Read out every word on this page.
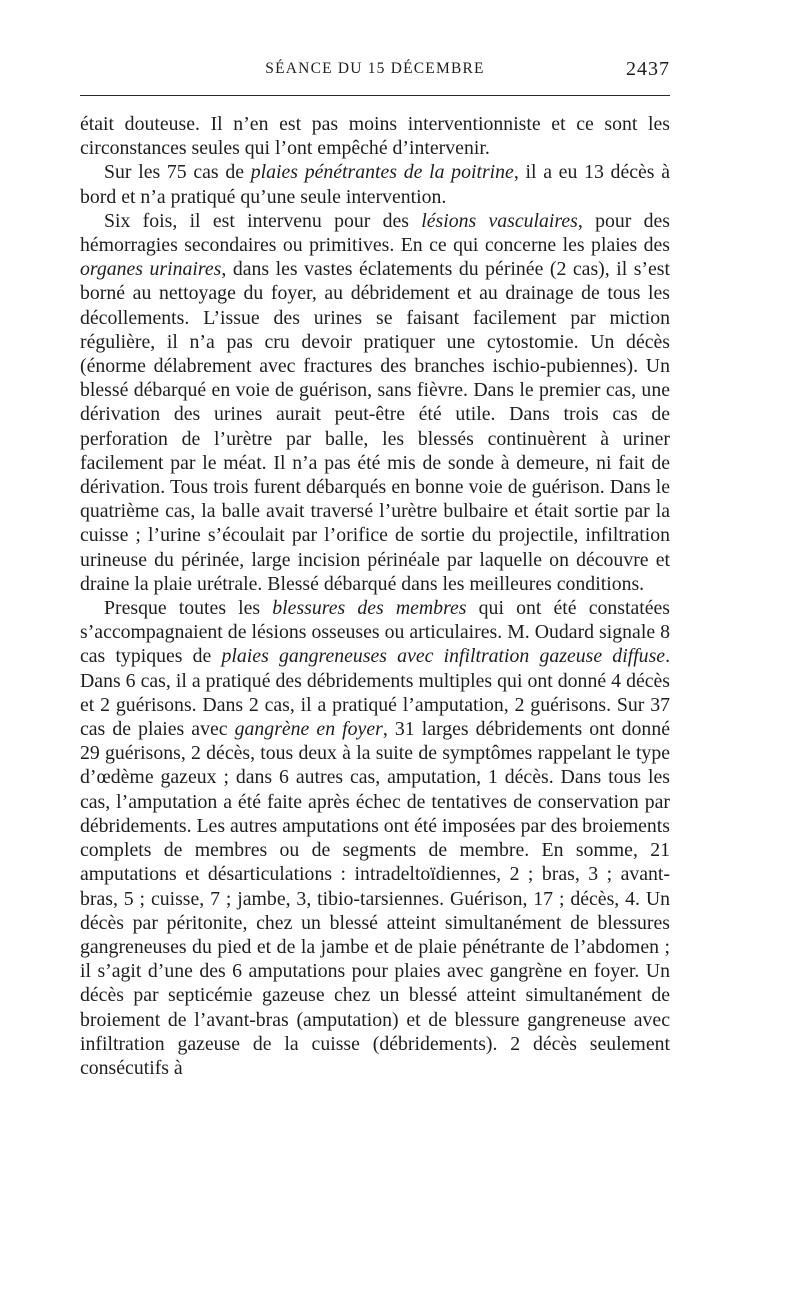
SÉANCE DU 15 DÉCEMBRE	2437

était douteuse. Il n’en est pas moins interventionniste et ce sont les circonstances seules qui l’ont empêché d’intervenir.

Sur les 75 cas de plaies pénétrantes de la poitrine, il a eu 13 décès à bord et n’a pratiqué qu’une seule intervention.

Six fois, il est intervenu pour des lésions vasculaires, pour des hémorragies secondaires ou primitives. En ce qui concerne les plaies des organes urinaires, dans les vastes éclatements du périnée (2 cas), il s’est borné au nettoyage du foyer, au débridement et au drainage de tous les décollements. L’issue des urines se faisant facilement par miction régulière, il n’a pas cru devoir pratiquer une cytostomie. Un décès (énorme délabrement avec fractures des branches ischio-pubiennes). Un blessé débarqué en voie de guérison, sans fièvre. Dans le premier cas, une dérivation des urines aurait peut-être été utile. Dans trois cas de perforation de l’urètre par balle, les blessés continuèrent à uriner facilement par le méat. Il n’a pas été mis de sonde à demeure, ni fait de dérivation. Tous trois furent débarqués en bonne voie de guérison. Dans le quatrième cas, la balle avait traversé l’urètre bulbaire et était sortie par la cuisse ; l’urine s’écoulait par l’orifice de sortie du projectile, infiltration urineuse du périnée, large incision périnéale par laquelle on découvre et draine la plaie urétrale. Blessé débarqué dans les meilleures conditions.

Presque toutes les blessures des membres qui ont été constatées s’accompagnaient de lésions osseuses ou articulaires. M. Oudard signale 8 cas typiques de plaies gangreneuses avec infiltration gazeuse diffuse. Dans 6 cas, il a pratiqué des débridements multiples qui ont donné 4 décès et 2 guérisons. Dans 2 cas, il a pratiqué l’amputation, 2 guérisons. Sur 37 cas de plaies avec gangrène en foyer, 31 larges débridements ont donné 29 guérisons, 2 décès, tous deux à la suite de symptômes rappelant le type d’œdème gazeux ; dans 6 autres cas, amputation, 1 décès. Dans tous les cas, l’amputation a été faite après échec de tentatives de conservation par débridements. Les autres amputations ont été imposées par des broiements complets de membres ou de segments de membre. En somme, 21 amputations et désarticulations : intradeltoïdiennes, 2 ; bras, 3 ; avant-bras, 5 ; cuisse, 7 ; jambe, 3, tibio-tarsiennes. Guérison, 17 ; décès, 4. Un décès par péritonite, chez un blessé atteint simultanément de blessures gangreneuses du pied et de la jambe et de plaie pénétrante de l’abdomen ; il s’agit d’une des 6 amputations pour plaies avec gangrène en foyer. Un décès par septicémie gazeuse chez un blessé atteint simultanément de broiement de l’avant-bras (amputation) et de blessure gangreneuse avec infiltration gazeuse de la cuisse (débridements). 2 décès seulement consécutifs à
